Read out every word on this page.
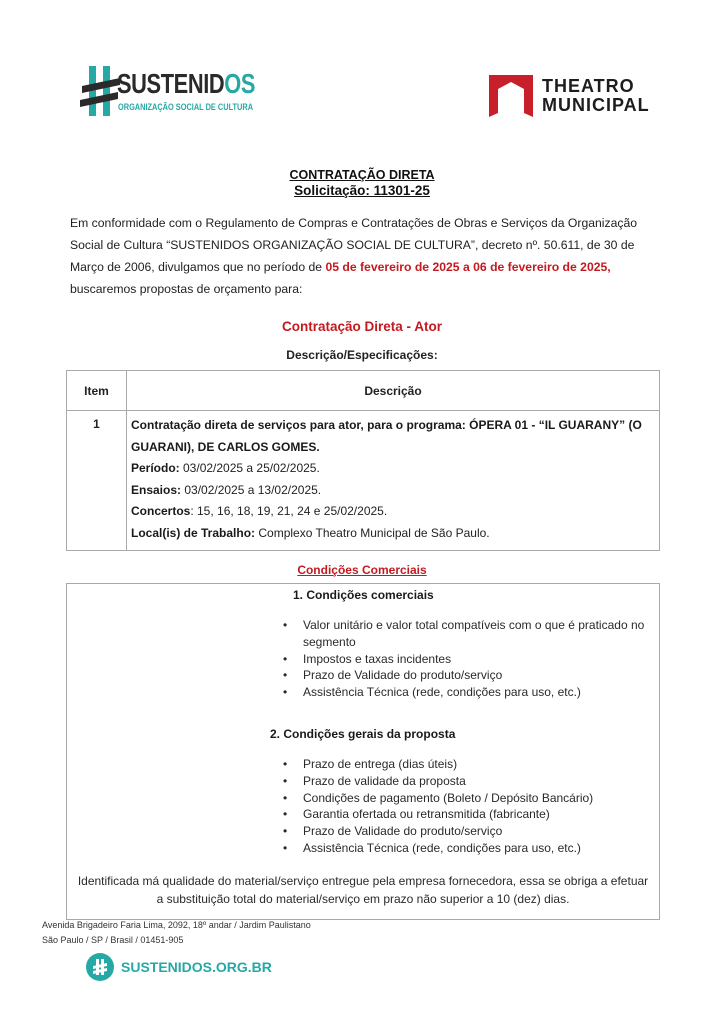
SUSTENIDOS
ORGANIZAÇÃO SOCIAL DE CULTURA
THEATRO
MUNICIPAL
CONTRATAÇÃO DIRETA
Solicitação: 11301-25
Em conformidade com o Regulamento de Compras e Contratações de Obras e Serviços da Organização Social de Cultura “SUSTENIDOS ORGANIZAÇÃO SOCIAL DE CULTURA”, decreto nº. 50.611, de 30 de Março de 2006, divulgamos que no período de 05 de fevereiro de 2025 a 06 de fevereiro de 2025, buscaremos propostas de orçamento para:
Contratação Direta - Ator
Descrição/Especificações:
Item	Descrição
1	Contratação direta de serviços para ator, para o programa: ÓPERA 01 - “IL GUARANY” (O GUARANI), DE CARLOS GOMES.
Período: 03/02/2025 a 25/02/2025.
Ensaios: 03/02/2025 a 13/02/2025.
Concertos: 15, 16, 18, 19, 21, 24 e 25/02/2025.
Local(is) de Trabalho: Complexo Theatro Municipal de São Paulo.
Condições Comerciais
1. Condições comerciais
• Valor unitário e valor total compatíveis com o que é praticado no segmento
• Impostos e taxas incidentes
• Prazo de Validade do produto/serviço
• Assistência Técnica (rede, condições para uso, etc.)
2. Condições gerais da proposta
• Prazo de entrega (dias úteis)
• Prazo de validade da proposta
• Condições de pagamento (Boleto / Depósito Bancário)
• Garantia ofertada ou retransmitida (fabricante)
• Prazo de Validade do produto/serviço
• Assistência Técnica (rede, condições para uso, etc.)
Identificada má qualidade do material/serviço entregue pela empresa fornecedora, essa se obriga a efetuar
a substituição total do material/serviço em prazo não superior a 10 (dez) dias.
Avenida Brigadeiro Faria Lima, 2092, 18º andar / Jardim Paulistano
São Paulo / SP / Brasil / 01451-905
SUSTENIDOS.ORG.BR
